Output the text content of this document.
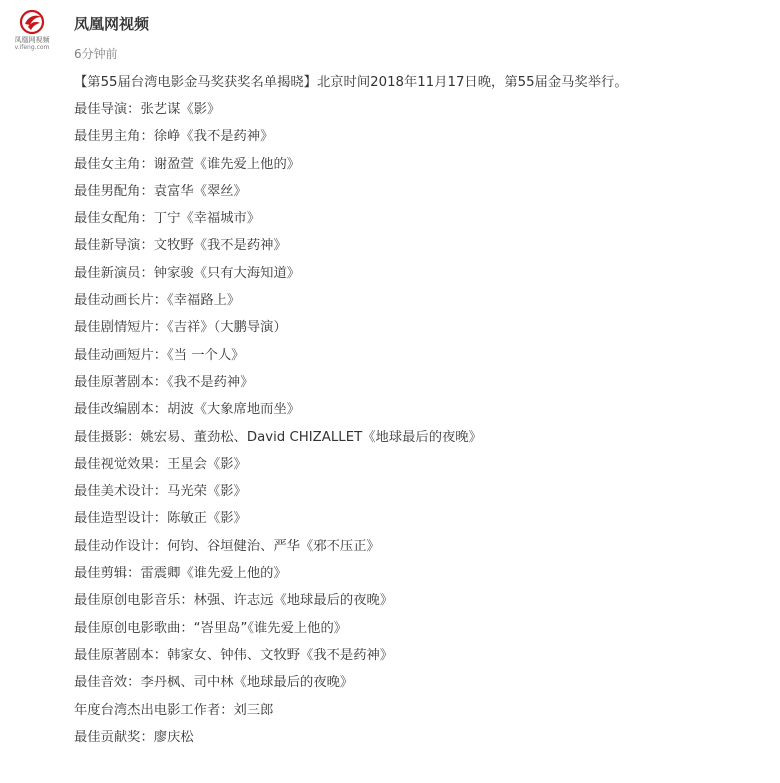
凤凰网视频
v.ifeng.com
凤凰网视频
6分钟前
【第55届台湾电影金马奖获奖名单揭晓】北京时间2018年11月17日晚，第55届金马奖举行。
最佳导演：张艺谋《影》
最佳男主角：徐峥《我不是药神》
最佳女主角：谢盈萱《谁先爱上他的》
最佳男配角：袁富华《翠丝》
最佳女配角：丁宁《幸福城市》
最佳新导演：文牧野《我不是药神》
最佳新演员：钟家骏《只有大海知道》
最佳动画长片：《幸福路上》
最佳剧情短片：《吉祥》（大鹏导演）
最佳动画短片：《当 一个人》
最佳原著剧本：《我不是药神》
最佳改编剧本：胡波《大象席地而坐》
最佳摄影：姚宏易、董劲松、David CHIZALLET《地球最后的夜晚》
最佳视觉效果：王星会《影》
最佳美术设计：马光荣《影》
最佳造型设计：陈敏正《影》
最佳动作设计：何钧、谷垣健治、严华《邪不压正》
最佳剪辑：雷震卿《谁先爱上他的》
最佳原创电影音乐：林强、许志远《地球最后的夜晚》
最佳原创电影歌曲：“峇里岛”《谁先爱上他的》
最佳原著剧本：韩家女、钟伟、文牧野《我不是药神》
最佳音效：李丹枫、司中林《地球最后的夜晚》
年度台湾杰出电影工作者：刘三郎
最佳贡献奖：廖庆松
